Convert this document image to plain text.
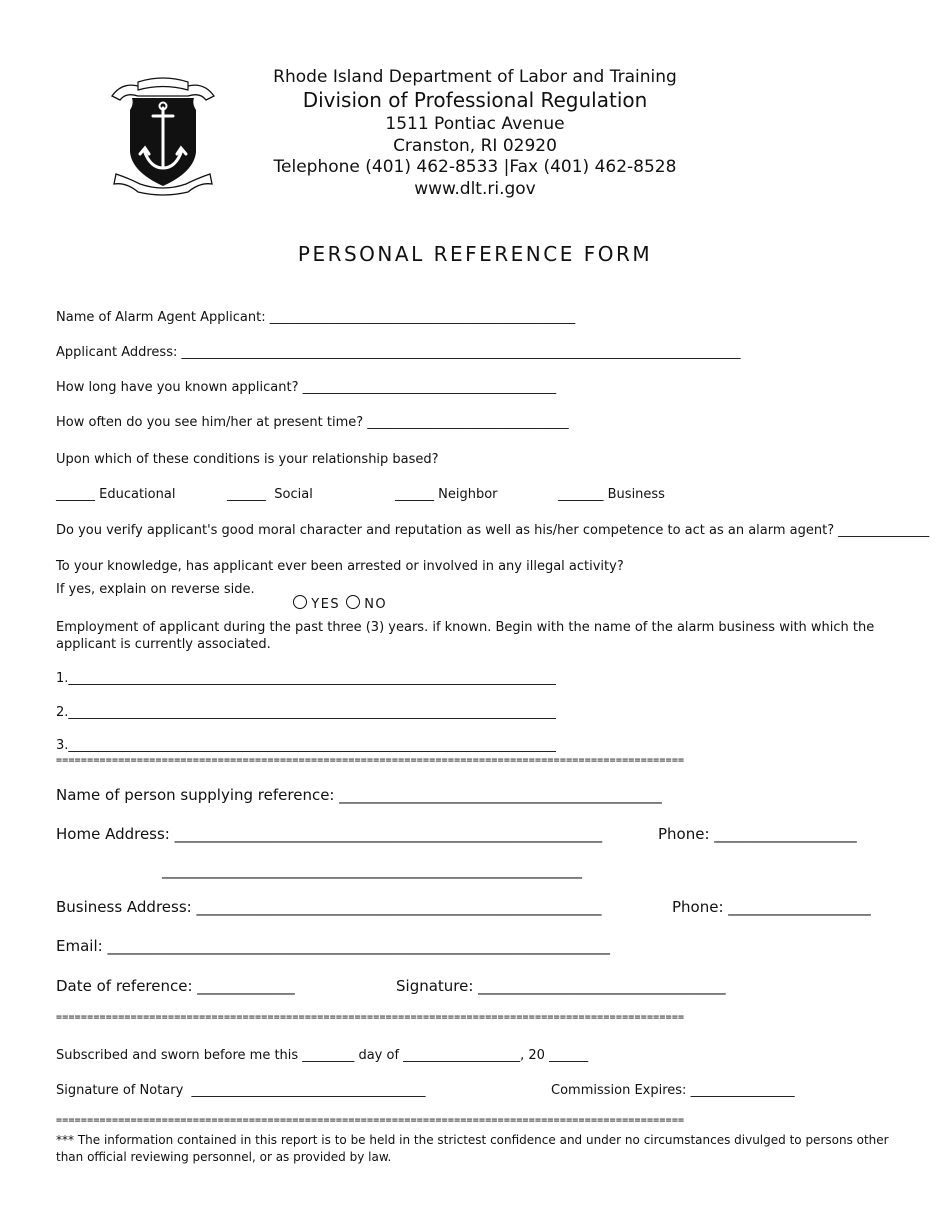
Rhode Island Department of Labor and Training
Division of Professional Regulation
1511 Pontiac Avenue
Cranston, RI 02920
Telephone (401) 462-8533 |Fax (401) 462-8528
www.dlt.ri.gov
PERSONAL REFERENCE FORM
Name of Alarm Agent Applicant: _______________________________________________
Applicant Address: ______________________________________________________________________________________
How long have you known applicant? _______________________________________
How often do you see him/her at present time? _______________________________
Upon which of these conditions is your relationship based?
______ Educational	______  Social	______ Neighbor	_______ Business
Do you verify applicant's good moral character and reputation as well as his/her competence to act as an alarm agent? ______________
To your knowledge, has applicant ever been arrested or involved in any illegal activity?
If yes, explain on reverse side.

YES NO

Employment of applicant during the past three (3) years. if known. Begin with the name of the alarm business with which the applicant is currently associated.
1.___________________________________________________________________________
2.___________________________________________________________________________
3.___________________________________________________________________________
=====================================================================================================
Name of person supplying reference: ___________________________________________
Home Address: _________________________________________________________	Phone: ___________________
________________________________________________________
Business Address: ______________________________________________________	Phone: ___________________
Email: ___________________________________________________________________
Date of reference: _____________	Signature: _________________________________
=====================================================================================================
Subscribed and sworn before me this ________ day of __________________, 20 ______
Signature of Notary  ____________________________________	Commission Expires: ________________
=====================================================================================================
*** The information contained in this report is to be held in the strictest confidence and under no circumstances divulged to persons other than official reviewing personnel, or as provided by law.
